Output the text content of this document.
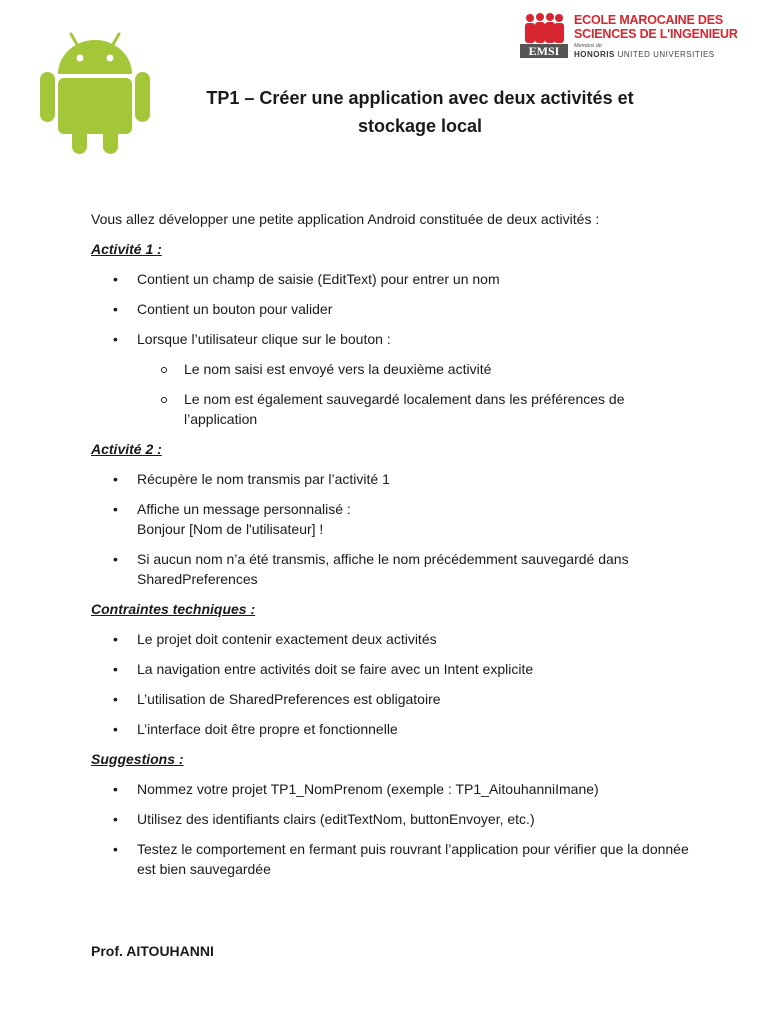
EMSI
ECOLE MAROCAINE DES
SCIENCES DE L'INGENIEUR
Membre de
HONORIS UNITED UNIVERSITIES
TP1 – Créer une application avec deux activités et
stockage local

Vous allez développer une petite application Android constituée de deux activités :

Activité 1 :

• Contient un champ de saisie (EditText) pour entrer un nom
• Contient un bouton pour valider
• Lorsque l’utilisateur clique sur le bouton :
Le nom saisi est envoyé vers la deuxième activité
Le nom est également sauvegardé localement dans les préférences de l’application

Activité 2 :

• Récupère le nom transmis par l’activité 1
• Affiche un message personnalisé :
Bonjour [Nom de l'utilisateur] !
• Si aucun nom n’a été transmis, affiche le nom précédemment sauvegardé dans SharedPreferences

Contraintes techniques :

• Le projet doit contenir exactement deux activités
• La navigation entre activités doit se faire avec un Intent explicite
• L’utilisation de SharedPreferences est obligatoire
• L’interface doit être propre et fonctionnelle

Suggestions :

• Nommez votre projet TP1_NomPrenom (exemple : TP1_AitouhanniImane)
• Utilisez des identifiants clairs (editTextNom, buttonEnvoyer, etc.)
• Testez le comportement en fermant puis rouvrant l’application pour vérifier que la donnée est bien sauvegardée
Prof. AITOUHANNI
